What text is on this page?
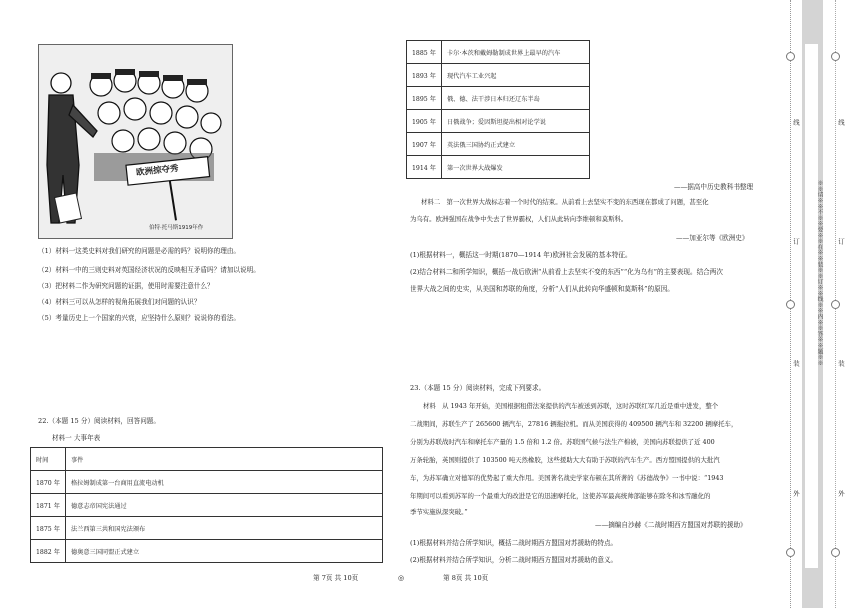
欧洲掠夺秀
伯特·托马斯1919年作
（1）材料一这类史料对我们研究的问题是必需的吗？说明你的理由。
（2）材料一中的三则史料对英国经济状况的反映相互矛盾吗？请加以说明。
（3）把材料二作为研究问题的证据，使用时需要注意什么？
（4）材料三可以从怎样的视角拓展我们对问题的认识？
（5）考量历史上一个国家的兴衰，应坚持什么原则？说说你的看法。
22.（本题 15 分）阅读材料，回答问题。
材料一 大事年表
时间	事件
1870 年	格拉姆制成第一台商用直流电动机
1871 年	德意志帝国宪法通过
1875 年	法兰西第三共和国宪法颁布
1882 年	德奥意三国同盟正式建立
1885 年	卡尔·本茨和戴姆勒制成世界上最早的汽车
1893 年	现代汽车工业兴起
1895 年	俄、德、法干涉日本归还辽东半岛
1905 年	日俄战争；爱因斯坦提出相对论学说
1907 年	英法俄三国协约正式建立
1914 年	第一次世界大战爆发
——据高中历史教科书整理
材料二　第一次世界大战标志着一个时代的结束。从前看上去坚实不变的东西现在都成了问题，甚至化
为乌有。欧洲强国在战争中失去了世界霸权，人们从此转向李维顿和莫斯科。
——加亚尔等《欧洲史》
(1)根据材料一，概括这一时期(1870—1914 年)欧洲社会发展的基本特征。
(2)结合材料二和所学知识，概括一战后欧洲“从前看上去坚实不变的东西”“化为乌有”的主要表现。结合两次
世界大战之间的史实，从美国和苏联的角度，分析“人们从此转向华盛顿和莫斯科”的原因。
23.（本题 15 分）阅读材料，完成下列要求。
材料　从 1943 年开始，美国根据租借法案提供的汽车被送到苏联，这时苏联红军几近是重中进发，整个
二战期间，苏联生产了 265600 辆汽车，27816 辆拖拉机。而从美国获得的 409500 辆汽车和 32200 辆摩托车，
分别为苏联战时汽车和摩托车产量的 1.5 倍和 1.2 倍。苏联国气候与法生产棉被，美国向苏联提供了近 400
万条轮胎，英国则提供了 103500 吨天然橡胶，这些援助大大有助于苏联的汽车生产。西方盟国提供的大批汽
车，为苏军确立对德军的优势起了重大作用。美国著名战史学家布顿在其所著的《苏德战争》一书中说：“1943
年期间可以看到苏军的一个最重大的改进是它的迅速摩托化，这使苏军最高统帅部能够在除冬和冰雪融化的
季节实施纵深突破。”
——摘编自沙赫《二战时期西方盟国对苏联的援助》
(1)根据材料并结合所学知识，概括二战时期西方盟国对苏援助的特点。
(2)根据材料并结合所学知识，分析二战时期西方盟国对苏援助的意义。
第 7页 共 10页	◎	第 8页 共 10页
线
订
装
外
※※请※※不※※要※※在※※装※※订※※线※※内※※答※※题※※
线
订
装
外
